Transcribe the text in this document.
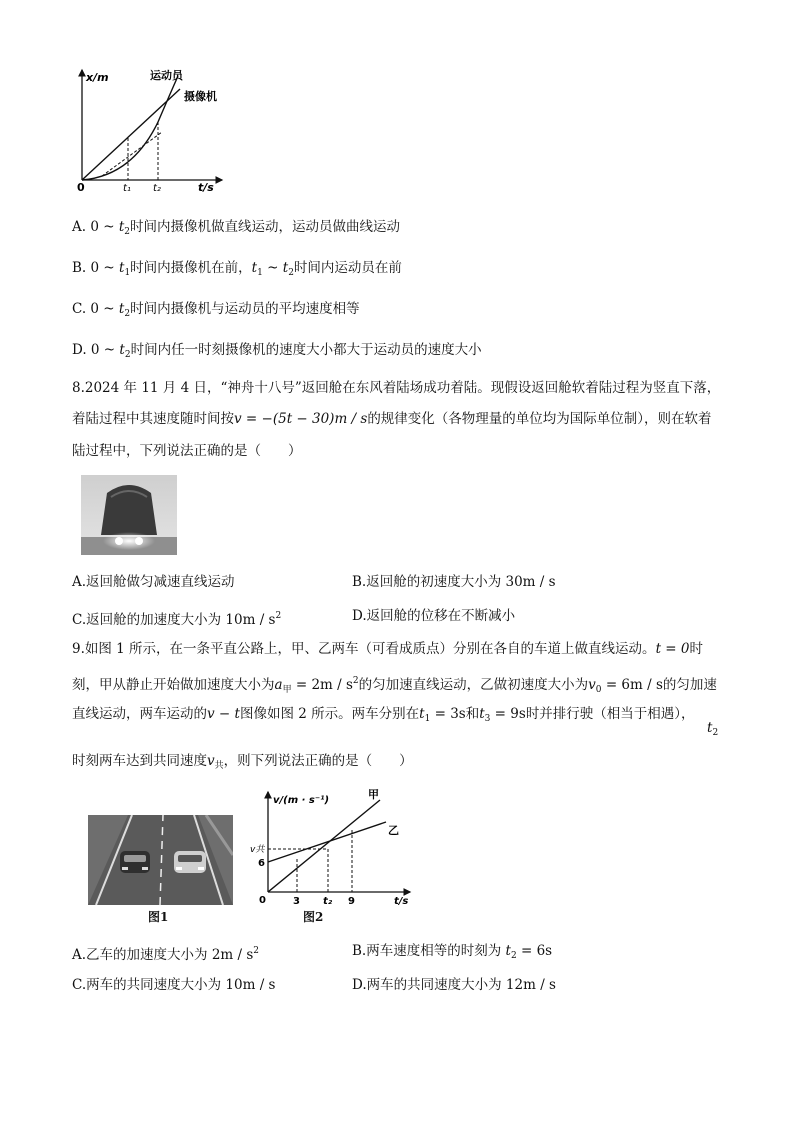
x/m
t/s
0	t₁ t₂
运动员
摄像机
A. 0 ~ $t_2$时间内摄像机做直线运动，运动员做曲线运动
B. 0 ~ $t_1$时间内摄像机在前，$t_1$ ~ $t_2$时间内运动员在前
C. 0 ~ $t_2$时间内摄像机与运动员的平均速度相等
D. 0 ~ $t_2$时间内任一时刻摄像机的速度大小都大于运动员的速度大小
8.2024 年 11 月 4 日，“神舟十八号”返回舱在东风着陆场成功着陆。现假设返回舱软着陆过程为竖直下落，
着陆过程中其速度随时间按v = −(5t − 30)m / s的规律变化（各物理量的单位均为国际单位制），则在软着
陆过程中，下列说法正确的是（　　）
A.返回舱做匀减速直线运动	B.返回舱的初速度大小为 30m / s
C.返回舱的加速度大小为 $10m / s^2$	D.返回舱的位移在不断减小
9.如图 1 所示，在一条平直公路上，甲、乙两车（可看成质点）分别在各自的车道上做直线运动。t = 0时
刻，甲从静止开始做加速度大小为$a_甲 = 2m / s^2$的匀加速直线运动，乙做初速度大小为$v_0 = 6m / s$的匀加速
直线运动，两车运动的v − t图像如图 2 所示。两车分别在$t_1 = 3s$和$t_3 = 9s$时并排行驶（相当于相遇），
$t_2$
时刻两车达到共同速度$v_共$，则下列说法正确的是（　　）
图1
v/(m · s⁻¹)
t/s
0
v共
6
3 t₂ 9
甲
乙
图2
A.乙车的加速度大小为 $2m / s^2$	B.两车速度相等的时刻为 $t_2 = 6s$
C.两车的共同速度大小为 10m / s	D.两车的共同速度大小为 12m / s
